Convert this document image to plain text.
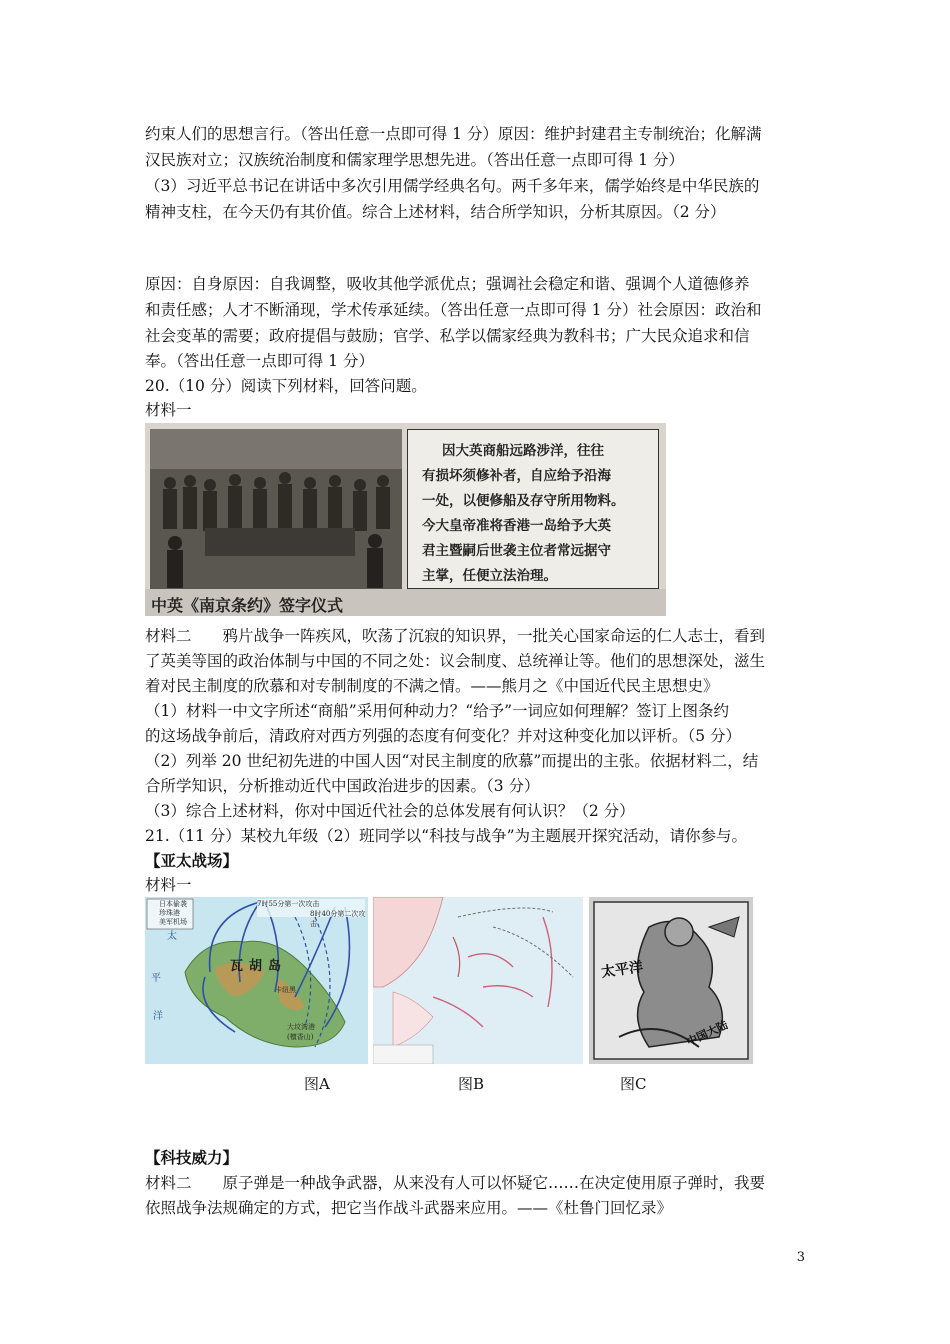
约束人们的思想言行。（答出任意一点即可得 1 分）原因：维护封建君主专制统治；化解满
汉民族对立；汉族统治制度和儒家理学思想先进。（答出任意一点即可得 1 分）
（3）习近平总书记在讲话中多次引用儒学经典名句。两千多年来，儒学始终是中华民族的
精神支柱，在今天仍有其价值。综合上述材料，结合所学知识，分析其原因。（2 分）
原因：自身原因：自我调整，吸收其他学派优点；强调社会稳定和谐、强调个人道德修养
和责任感；人才不断涌现，学术传承延续。（答出任意一点即可得 1 分）社会原因：政治和
社会变革的需要；政府提倡与鼓励；官学、私学以儒家经典为教科书；广大民众追求和信
奉。（答出任意一点即可得 1 分）
20.（10 分）阅读下列材料，回答问题。
材料一
因大英商船远路涉洋，往往
有损坏须修补者，自应给予沿海
一处，以便修船及存守所用物料。
今大皇帝准将香港一岛给予大英
君主暨嗣后世袭主位者常远据守
主掌，任便立法治理。
中英《南京条约》签字仪式
材料二　　鸦片战争一阵疾风，吹荡了沉寂的知识界，一批关心国家命运的仁人志士，看到
了英美等国的政治体制与中国的不同之处：议会制度、总统禅让等。他们的思想深处，滋生
着对民主制度的欣慕和对专制制度的不满之情。——熊月之《中国近代民主思想史》
（1）材料一中文字所述“商船”采用何种动力？“给予”一词应如何理解？签订上图条约
的这场战争前后，清政府对西方列强的态度有何变化？并对这种变化加以评析。（5 分）
（2）列举 20 世纪初先进的中国人因“对民主制度的欣慕”而提出的主张。依据材料二，结
合所学知识，分析推动近代中国政治进步的因素。（3 分）
（3）综合上述材料，你对中国近代社会的总体发展有何认识？（2 分）
21.（11 分）某校九年级（2）班同学以“科技与战争”为主题展开探究活动，请你参与。
【亚太战场】
材料一
日本偷袭
珍珠港
美军机场
7时55分第一次攻击
8时40分第二次攻击
太
平
洋
瓦胡岛
卡纽黑
大坟湾港
(檀香山)
太平洋
中国大陆
图A	图B	图C
【科技威力】
材料二　　原子弹是一种战争武器，从来没有人可以怀疑它……在决定使用原子弹时，我要
依照战争法规确定的方式，把它当作战斗武器来应用。——《杜鲁门回忆录》
3
